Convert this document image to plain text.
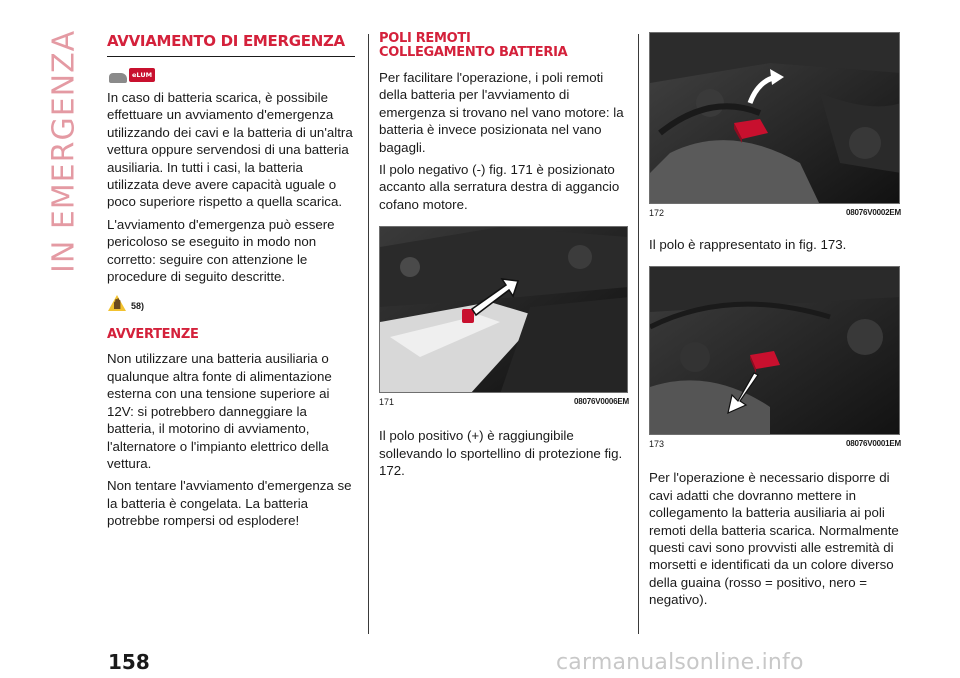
IN EMERGENZA AVVIAMENTO DI EMERGENZA
eLUM

In caso di batteria scarica, è possibile effettuare un avviamento d'emergenza utilizzando dei cavi e la batteria di un'altra vettura oppure servendosi di una batteria ausiliaria. In tutti i casi, la batteria utilizzata deve avere capacità uguale o poco superiore rispetto a quella scarica.

L'avviamento d'emergenza può essere pericoloso se eseguito in modo non corretto: seguire con attenzione le procedure di seguito descritte.

58)
AVVERTENZE

Non utilizzare una batteria ausiliaria o qualunque altra fonte di alimentazione esterna con una tensione superiore ai 12V: si potrebbero danneggiare la batteria, il motorino di avviamento, l'alternatore o l'impianto elettrico della vettura.

Non tentare l'avviamento d'emergenza se la batteria è congelata. La batteria potrebbe rompersi od esplodere!

POLI REMOTI COLLEGAMENTO BATTERIA

Per facilitare l'operazione, i poli remoti della batteria per l'avviamento di emergenza si trovano nel vano motore: la batteria è invece posizionata nel vano bagagli.

Il polo negativo (-) fig. 171 è posizionato accanto alla serratura destra di aggancio cofano motore.

171	08076V0006EM

Il polo positivo (+) è raggiungibile sollevando lo sportellino di protezione fig. 172.

172	08076V0002EM

Il polo è rappresentato in fig. 173.

173	08076V0001EM

Per l'operazione è necessario disporre di cavi adatti che dovranno mettere in collegamento la batteria ausiliaria ai poli remoti della batteria scarica. Normalmente questi cavi sono provvisti alle estremità di morsetti e identificati da un colore diverso della guaina (rosso = positivo, nero = negativo).

158	carmanualsonline.info
